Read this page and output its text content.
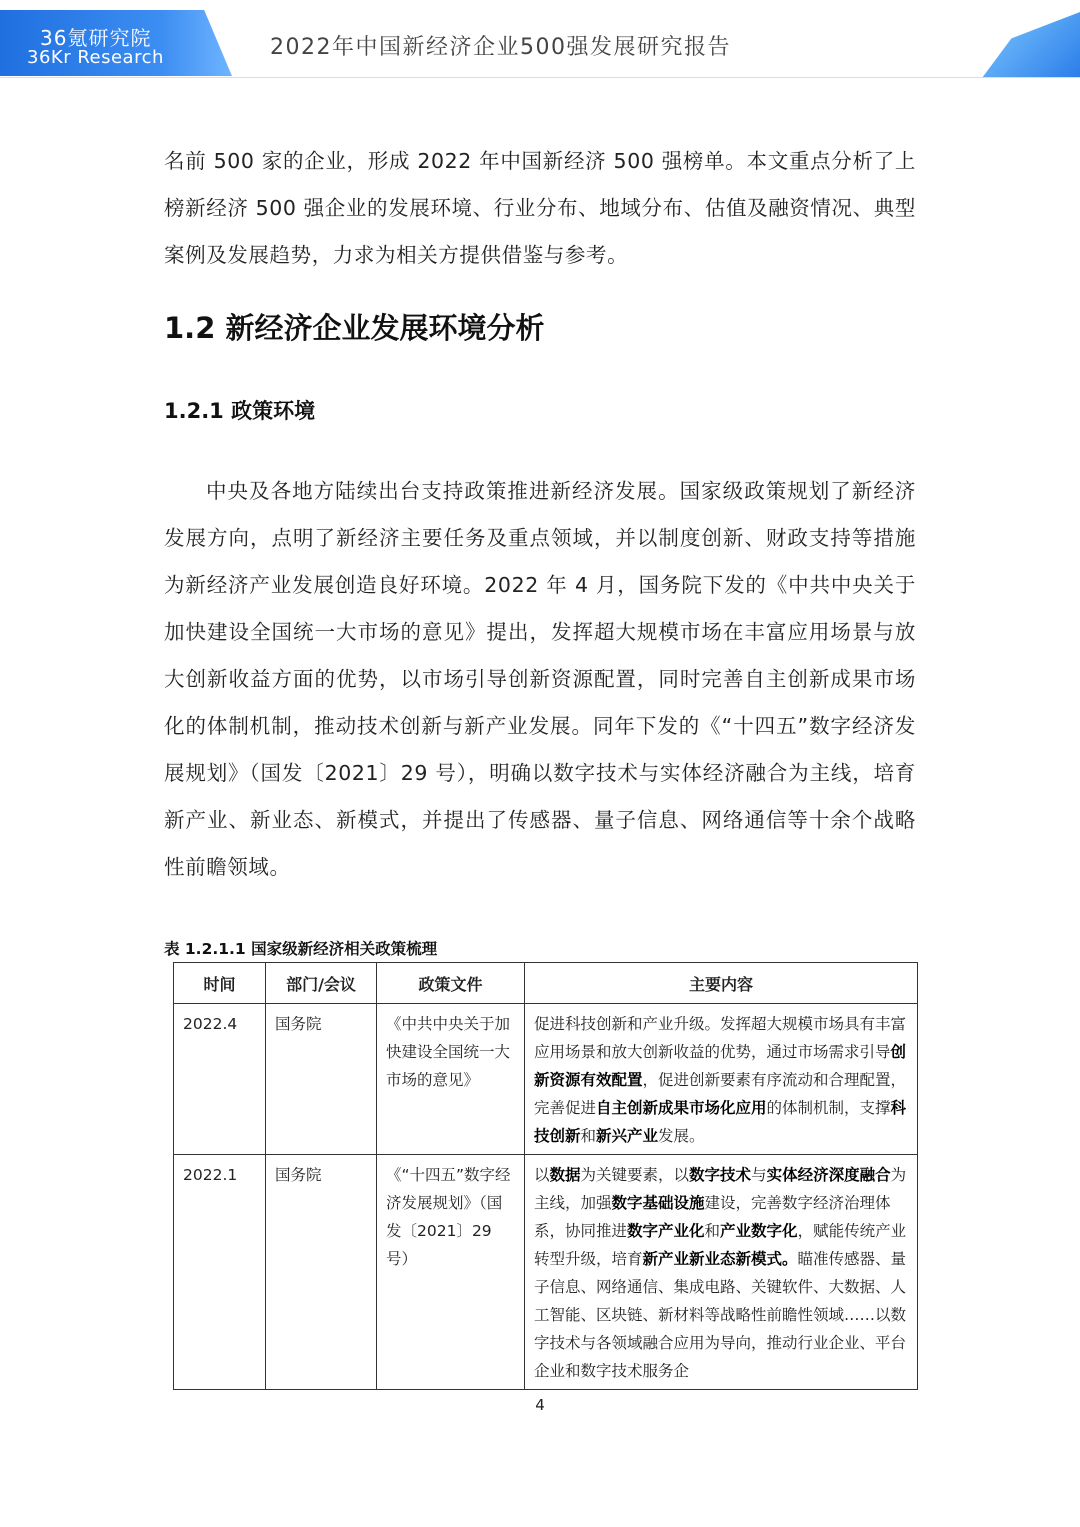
36氪研究院
36Kr Research	2022年中国新经济企业500强发展研究报告

名前 500 家的企业，形成 2022 年中国新经济 500 强榜单。本文重点分析了上榜新经济 500 强企业的发展环境、行业分布、地域分布、估值及融资情况、典型案例及发展趋势，力求为相关方提供借鉴与参考。

1.2 新经济企业发展环境分析
1.2.1 政策环境

中央及各地方陆续出台支持政策推进新经济发展。国家级政策规划了新经济发展方向，点明了新经济主要任务及重点领域，并以制度创新、财政支持等措施为新经济产业发展创造良好环境。2022 年 4 月，国务院下发的《中共中央关于加快建设全国统一大市场的意见》提出，发挥超大规模市场在丰富应用场景与放大创新收益方面的优势，以市场引导创新资源配置，同时完善自主创新成果市场化的体制机制，推动技术创新与新产业发展。同年下发的《“十四五”数字经济发展规划》（国发〔2021〕29 号），明确以数字技术与实体经济融合为主线，培育新产业、新业态、新模式，并提出了传感器、量子信息、网络通信等十余个战略性前瞻领域。

表 1.2.1.1 国家级新经济相关政策梳理

时间	部门/会议	政策文件	主要内容
2022.4	国务院	《中共中央关于加快建设全国统一大市场的意见》	促进科技创新和产业升级。发挥超大规模市场具有丰富应用场景和放大创新收益的优势，通过市场需求引导创新资源有效配置，促进创新要素有序流动和合理配置，完善促进自主创新成果市场化应用的体制机制，支撑科技创新和新兴产业发展。
2022.1	国务院	《“十四五”数字经济发展规划》（国发〔2021〕29 号）	以数据为关键要素，以数字技术与实体经济深度融合为主线，加强数字基础设施建设，完善数字经济治理体系，协同推进数字产业化和产业数字化，赋能传统产业转型升级，培育新产业新业态新模式。瞄准传感器、量子信息、网络通信、集成电路、关键软件、大数据、人工智能、区块链、新材料等战略性前瞻性领域……以数字技术与各领域融合应用为导向，推动行业企业、平台企业和数字技术服务企
4
